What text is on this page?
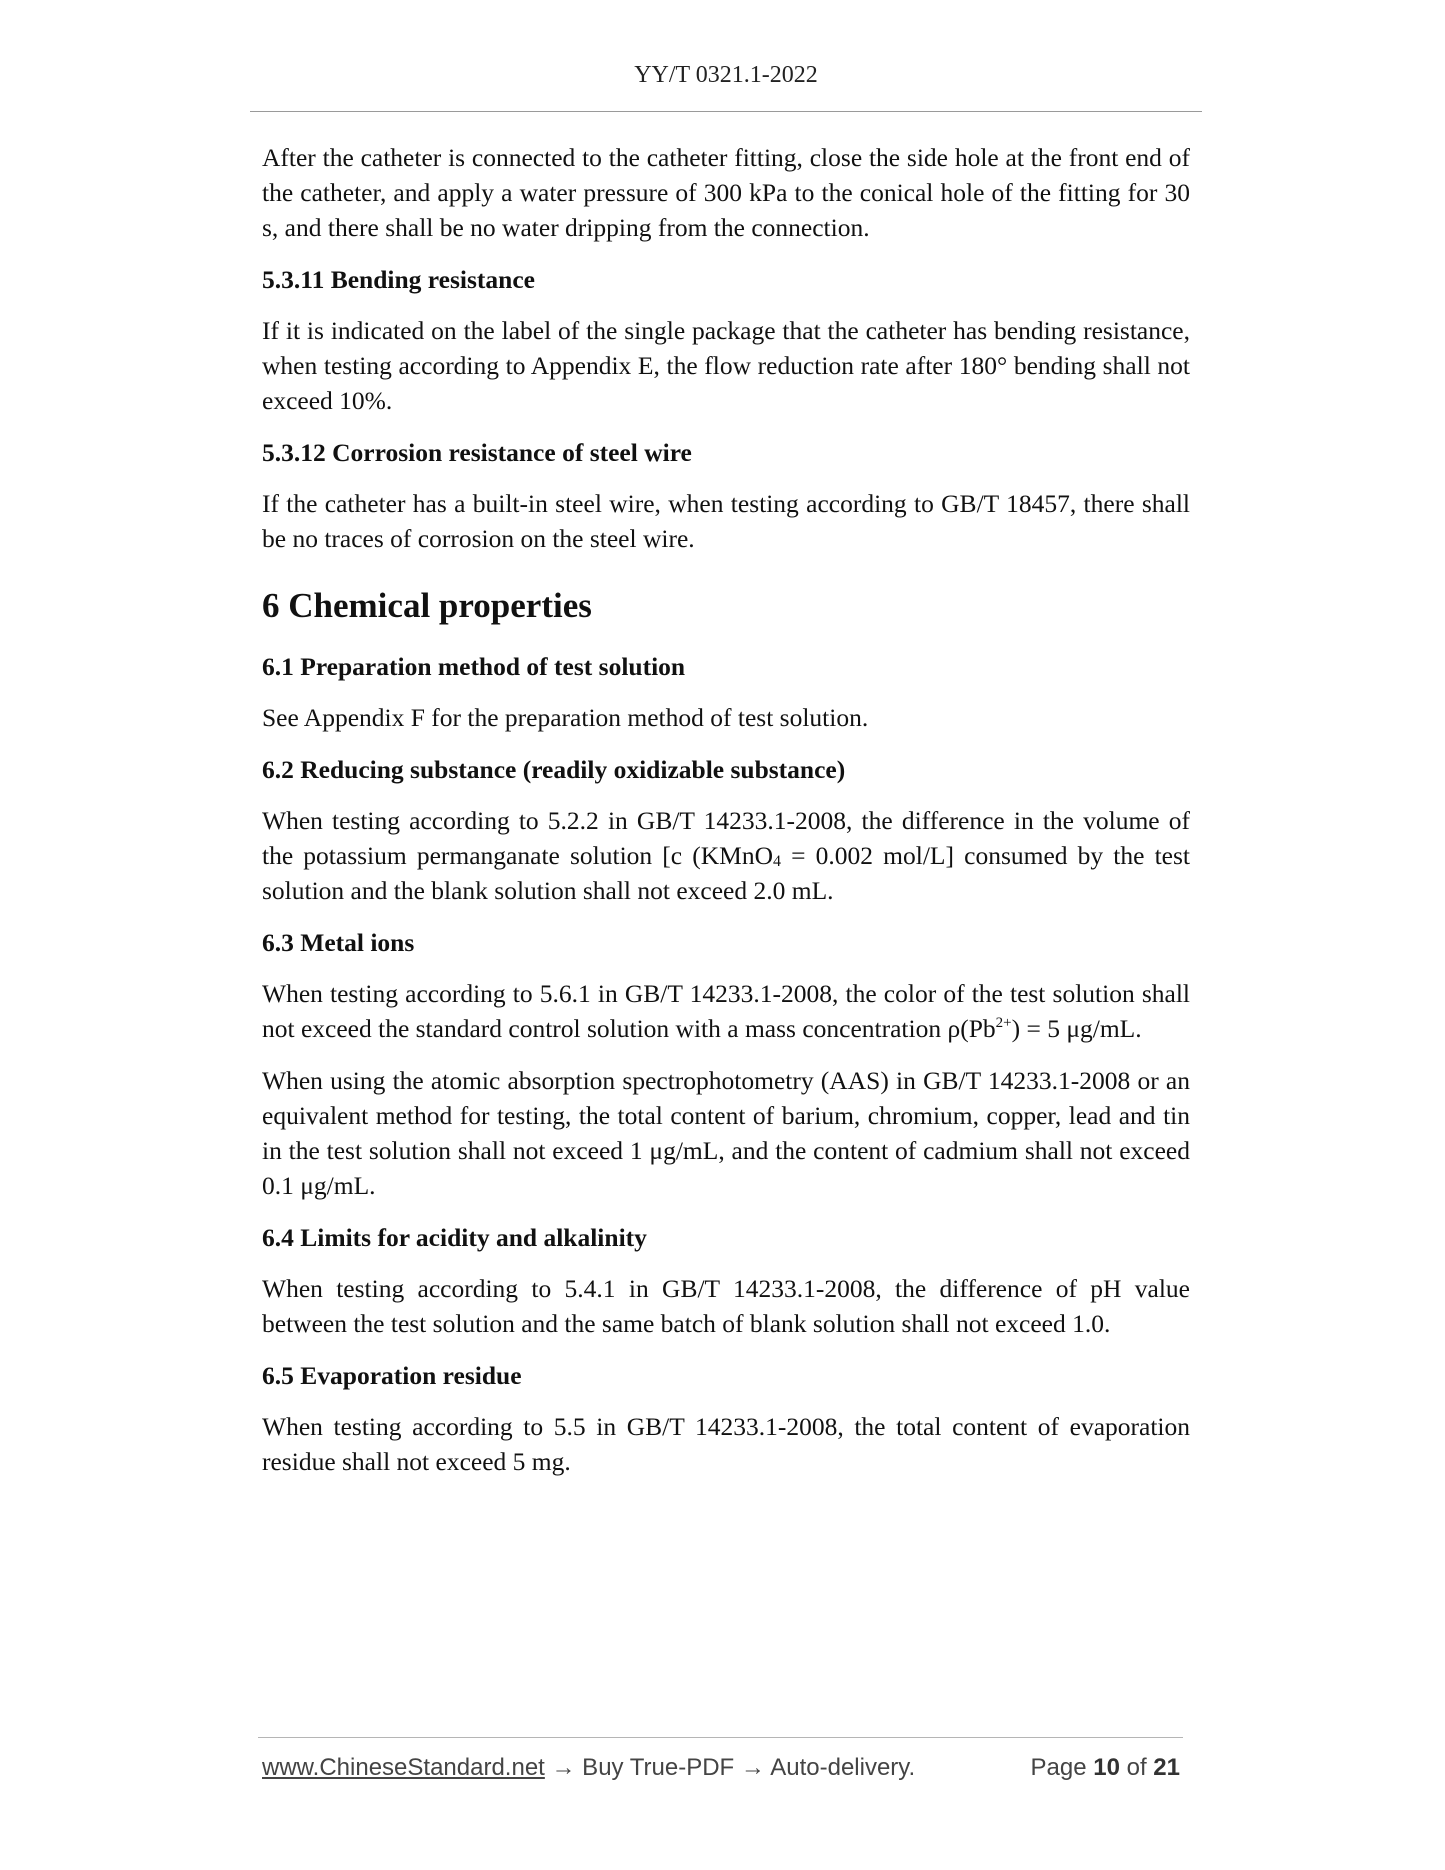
YY/T 0321.1-2022

After the catheter is connected to the catheter fitting, close the side hole at the front end of the catheter, and apply a water pressure of 300 kPa to the conical hole of the fitting for 30 s, and there shall be no water dripping from the connection.

5.3.11 Bending resistance

If it is indicated on the label of the single package that the catheter has bending resistance, when testing according to Appendix E, the flow reduction rate after 180° bending shall not exceed 10%.

5.3.12 Corrosion resistance of steel wire

If the catheter has a built-in steel wire, when testing according to GB/T 18457, there shall be no traces of corrosion on the steel wire.

6 Chemical properties
6.1 Preparation method of test solution

See Appendix F for the preparation method of test solution.

6.2 Reducing substance (readily oxidizable substance)

When testing according to 5.2.2 in GB/T 14233.1-2008, the difference in the volume of the potassium permanganate solution [c (KMnO$_4$ = 0.002 mol/L] consumed by the test solution and the blank solution shall not exceed 2.0 mL.

6.3 Metal ions

When testing according to 5.6.1 in GB/T 14233.1-2008, the color of the test solution shall not exceed the standard control solution with a mass concentration $\rho(Pb^{2+}) = 5$ μg/mL.

When using the atomic absorption spectrophotometry (AAS) in GB/T 14233.1-2008 or an equivalent method for testing, the total content of barium, chromium, copper, lead and tin in the test solution shall not exceed 1 μg/mL, and the content of cadmium shall not exceed 0.1 μg/mL.

6.4 Limits for acidity and alkalinity

When testing according to 5.4.1 in GB/T 14233.1-2008, the difference of pH value between the test solution and the same batch of blank solution shall not exceed 1.0.

6.5 Evaporation residue

When testing according to 5.5 in GB/T 14233.1-2008, the total content of evaporation residue shall not exceed 5 mg.

www.ChineseStandard.net → Buy True-PDF → Auto-delivery.	Page 10 of 21
